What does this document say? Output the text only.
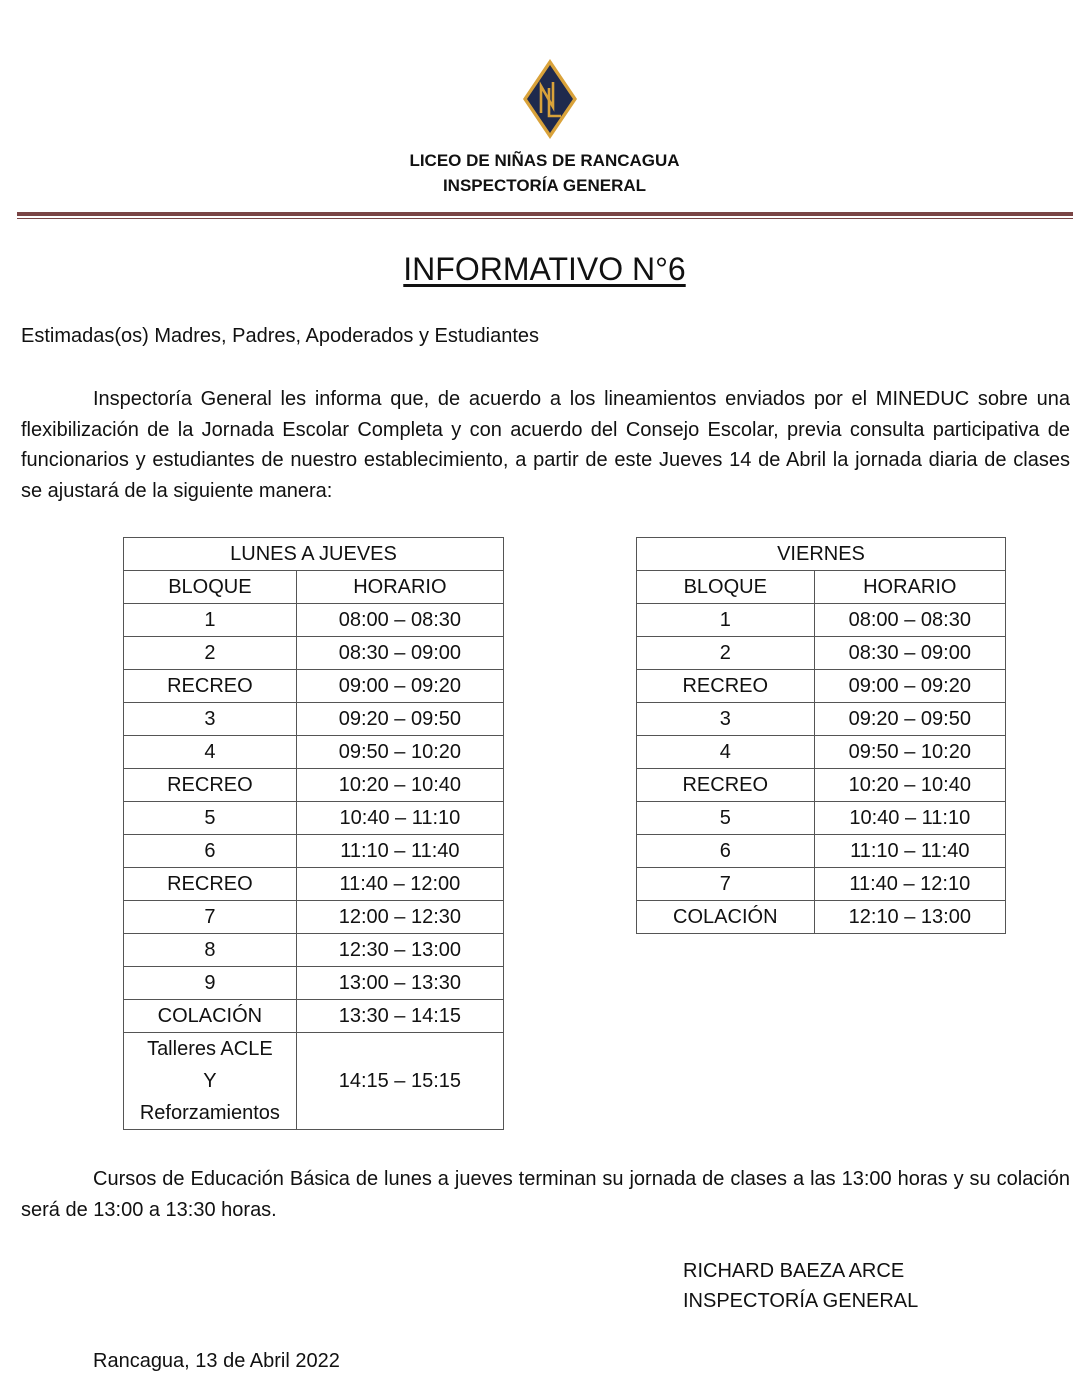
LICEO DE NIÑAS DE RANCAGUA
INSPECTORÍA GENERAL
INFORMATIVO N°6
Estimadas(os) Madres, Padres, Apoderados y Estudiantes

Inspectoría General les informa que, de acuerdo a los lineamientos enviados por el MINEDUC sobre una flexibilización de la Jornada Escolar Completa y con acuerdo del Consejo Escolar, previa consulta participativa de funcionarios y estudiantes de nuestro establecimiento, a partir de este Jueves 14 de Abril la jornada diaria de clases se ajustará de la siguiente manera:

LUNES A JUEVES	
BLOQUE	HORARIO
1	08:00 – 08:30
2	08:30 – 09:00
RECREO	09:00 – 09:20
3	09:20 – 09:50
4	09:50 – 10:20
RECREO	10:20 – 10:40
5	10:40 – 11:10
6	11:10 – 11:40
RECREO	11:40 – 12:00
7	12:00 – 12:30
8	12:30 – 13:00
9	13:00 – 13:30
COLACIÓN	13:30 – 14:15

Talleres ACLE
Y
Reforzamientos	14:15 – 15:15
VIERNES	
BLOQUE	HORARIO
1	08:00 – 08:30
2	08:30 – 09:00
RECREO	09:00 – 09:20
3	09:20 – 09:50
4	09:50 – 10:20
RECREO	10:20 – 10:40
5	10:40 – 11:10
6	11:10 – 11:40
7	11:40 – 12:10
COLACIÓN	12:10 – 13:00

Cursos de Educación Básica de lunes a jueves terminan su jornada de clases a las 13:00 horas y su colación será de 13:00 a 13:30 horas.

RICHARD BAEZA ARCE
INSPECTORÍA GENERAL
Rancagua, 13 de Abril 2022
